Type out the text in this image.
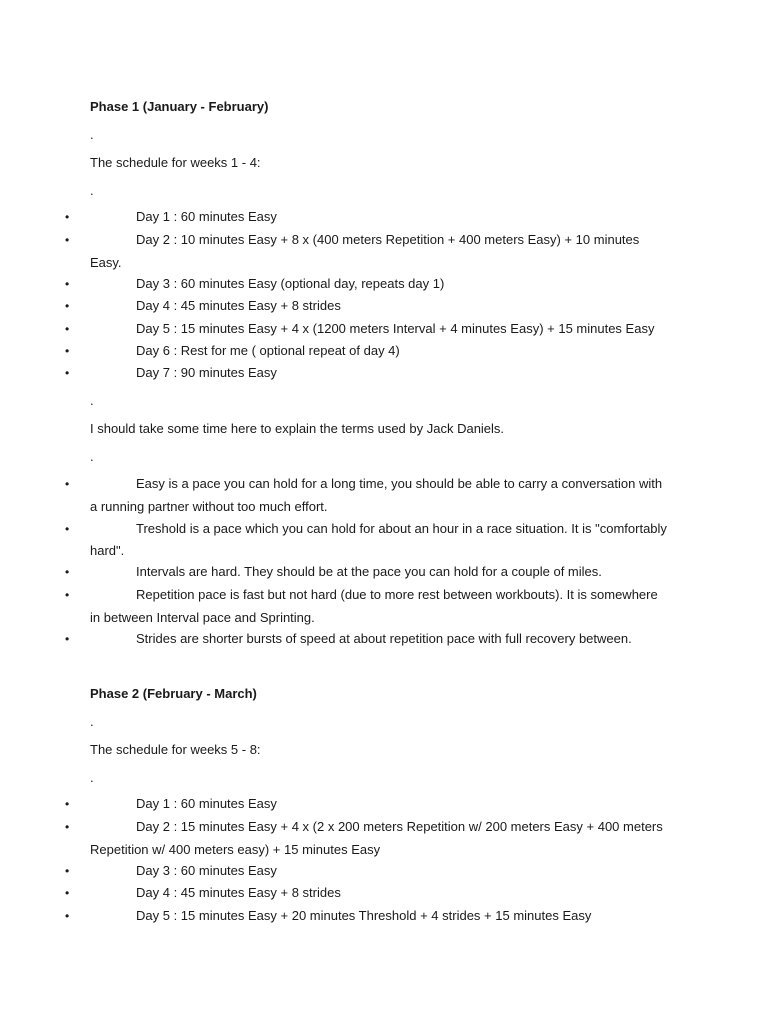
Phase 1 (January - February)
.
The schedule for weeks 1 - 4:
.
•	Day 1 : 60 minutes Easy
•	Day 2 : 10 minutes Easy + 8 x (400 meters Repetition + 400 meters Easy) + 10 minutes
Easy.
•	Day 3 : 60 minutes Easy (optional day, repeats day 1)
•	Day 4 : 45 minutes Easy + 8 strides
•	Day 5 : 15 minutes Easy + 4 x (1200 meters Interval + 4 minutes Easy) + 15 minutes Easy
•	Day 6 : Rest for me ( optional repeat of day 4)
•	Day 7 : 90 minutes Easy
.
I should take some time here to explain the terms used by Jack Daniels.
.
•	Easy is a pace you can hold for a long time, you should be able to carry a conversation with
a running partner without too much effort.
•	Treshold is a pace which you can hold for about an hour in a race situation. It is "comfortably
hard".
•	Intervals are hard. They should be at the pace you can hold for a couple of miles.
•	Repetition pace is fast but not hard (due to more rest between workbouts). It is somewhere
in between Interval pace and Sprinting.
•	Strides are shorter bursts of speed at about repetition pace with full recovery between.
Phase 2 (February - March)
.
The schedule for weeks 5 - 8:
.
•	Day 1 : 60 minutes Easy
•	Day 2 : 15 minutes Easy + 4 x (2 x 200 meters Repetition w/ 200 meters Easy + 400 meters
Repetition w/ 400 meters easy) + 15 minutes Easy
•	Day 3 : 60 minutes Easy
•	Day 4 : 45 minutes Easy + 8 strides
•	Day 5 : 15 minutes Easy + 20 minutes Threshold + 4 strides + 15 minutes Easy
